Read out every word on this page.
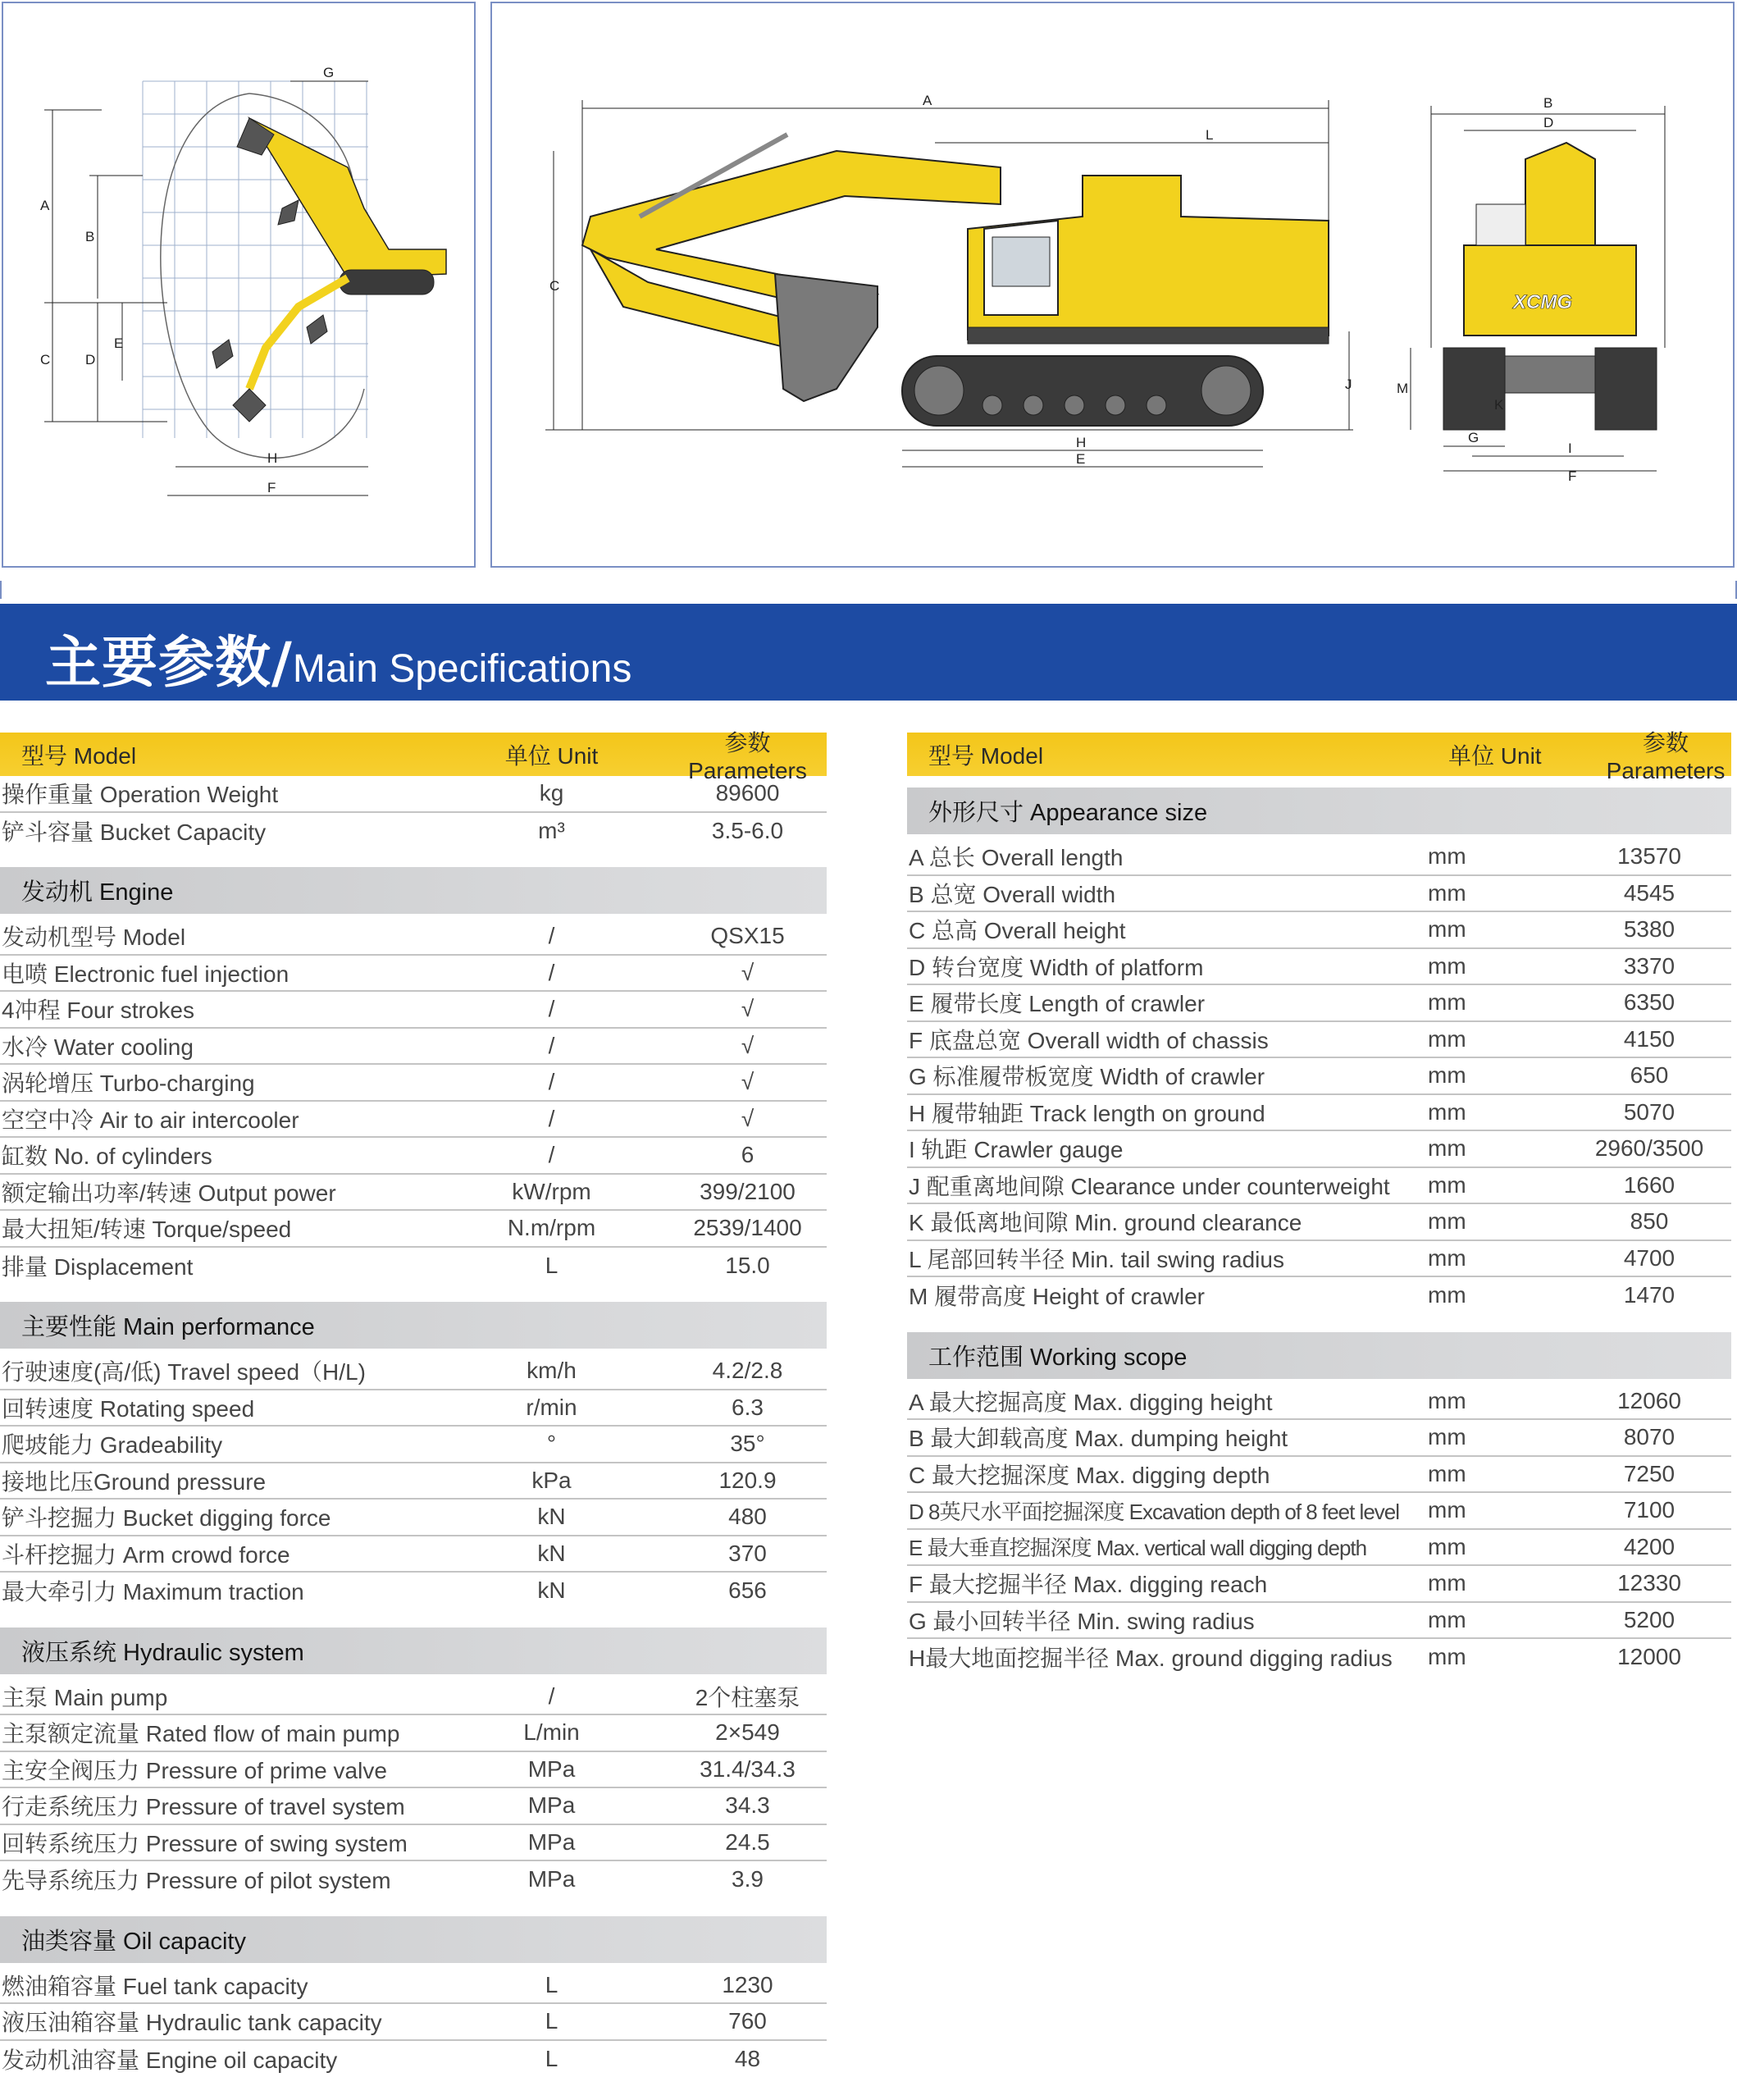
G
A
B
C	D
E
H
F
A
L
C
H
E
J
XCMG
B
D
M
K
G
I
F
主要参数/Main Specifications
型号 Model	单位 Unit
参数 Parameters
操作重量 Operation Weight	kg	89600
铲斗容量 Bucket Capacity	m³	3.5-6.0
发动机 Engine
发动机型号 Model	/	QSX15
电喷 Electronic fuel injection	/	√
4冲程 Four strokes	/	√
水冷 Water cooling	/	√
涡轮增压 Turbo-charging	/	√
空空中冷 Air to air intercooler	/	√
缸数 No. of cylinders	/	6
额定输出功率/转速 Output power	kW/rpm	399/2100
最大扭矩/转速 Torque/speed	N.m/rpm	2539/1400
排量 Displacement	L	15.0
主要性能 Main performance
行驶速度(高/低) Travel speed（H/L)	km/h	4.2/2.8
回转速度 Rotating speed	r/min	6.3
爬坡能力 Gradeability	°	35°
接地比压Ground pressure	kPa	120.9
铲斗挖掘力 Bucket digging force	kN	480
斗杆挖掘力 Arm crowd force	kN	370
最大牵引力 Maximum traction	kN	656
液压系统 Hydraulic system
主泵 Main pump	/	2个柱塞泵
主泵额定流量 Rated flow of main pump	L/min	2×549
主安全阀压力 Pressure of prime valve	MPa	31.4/34.3
行走系统压力 Pressure of travel system	MPa	34.3
回转系统压力 Pressure of swing system	MPa	24.5
先导系统压力 Pressure of pilot system	MPa	3.9
油类容量 Oil capacity
燃油箱容量 Fuel tank capacity	L	1230
液压油箱容量 Hydraulic tank capacity	L	760
发动机油容量 Engine oil capacity	L	48
型号 Model	单位 Unit
参数 Parameters
外形尺寸 Appearance size
A 总长 Overall length	mm	13570
B 总宽 Overall width	mm	4545
C 总高 Overall height	mm	5380
D 转台宽度 Width of platform	mm	3370
E 履带长度 Length of crawler	mm	6350
F 底盘总宽 Overall width of chassis	mm	4150
G 标准履带板宽度 Width of crawler	mm	650
H 履带轴距 Track length on ground	mm	5070
I 轨距 Crawler gauge	mm	2960/3500
J 配重离地间隙 Clearance under counterweight	mm	1660
K 最低离地间隙 Min. ground clearance	mm	850
L 尾部回转半径 Min. tail swing radius	mm	4700
M 履带高度 Height of crawler	mm	1470
工作范围 Working scope
A 最大挖掘高度 Max. digging height	mm	12060
B 最大卸载高度 Max. dumping height	mm	8070
C 最大挖掘深度 Max. digging depth	mm	7250
D 8英尺水平面挖掘深度 Excavation depth of 8 feet level	mm	7100
E 最大垂直挖掘深度 Max. vertical wall digging depth	mm	4200
F 最大挖掘半径 Max. digging reach	mm	12330
G 最小回转半径 Min. swing radius	mm	5200
H最大地面挖掘半径 Max. ground digging radius	mm	12000
